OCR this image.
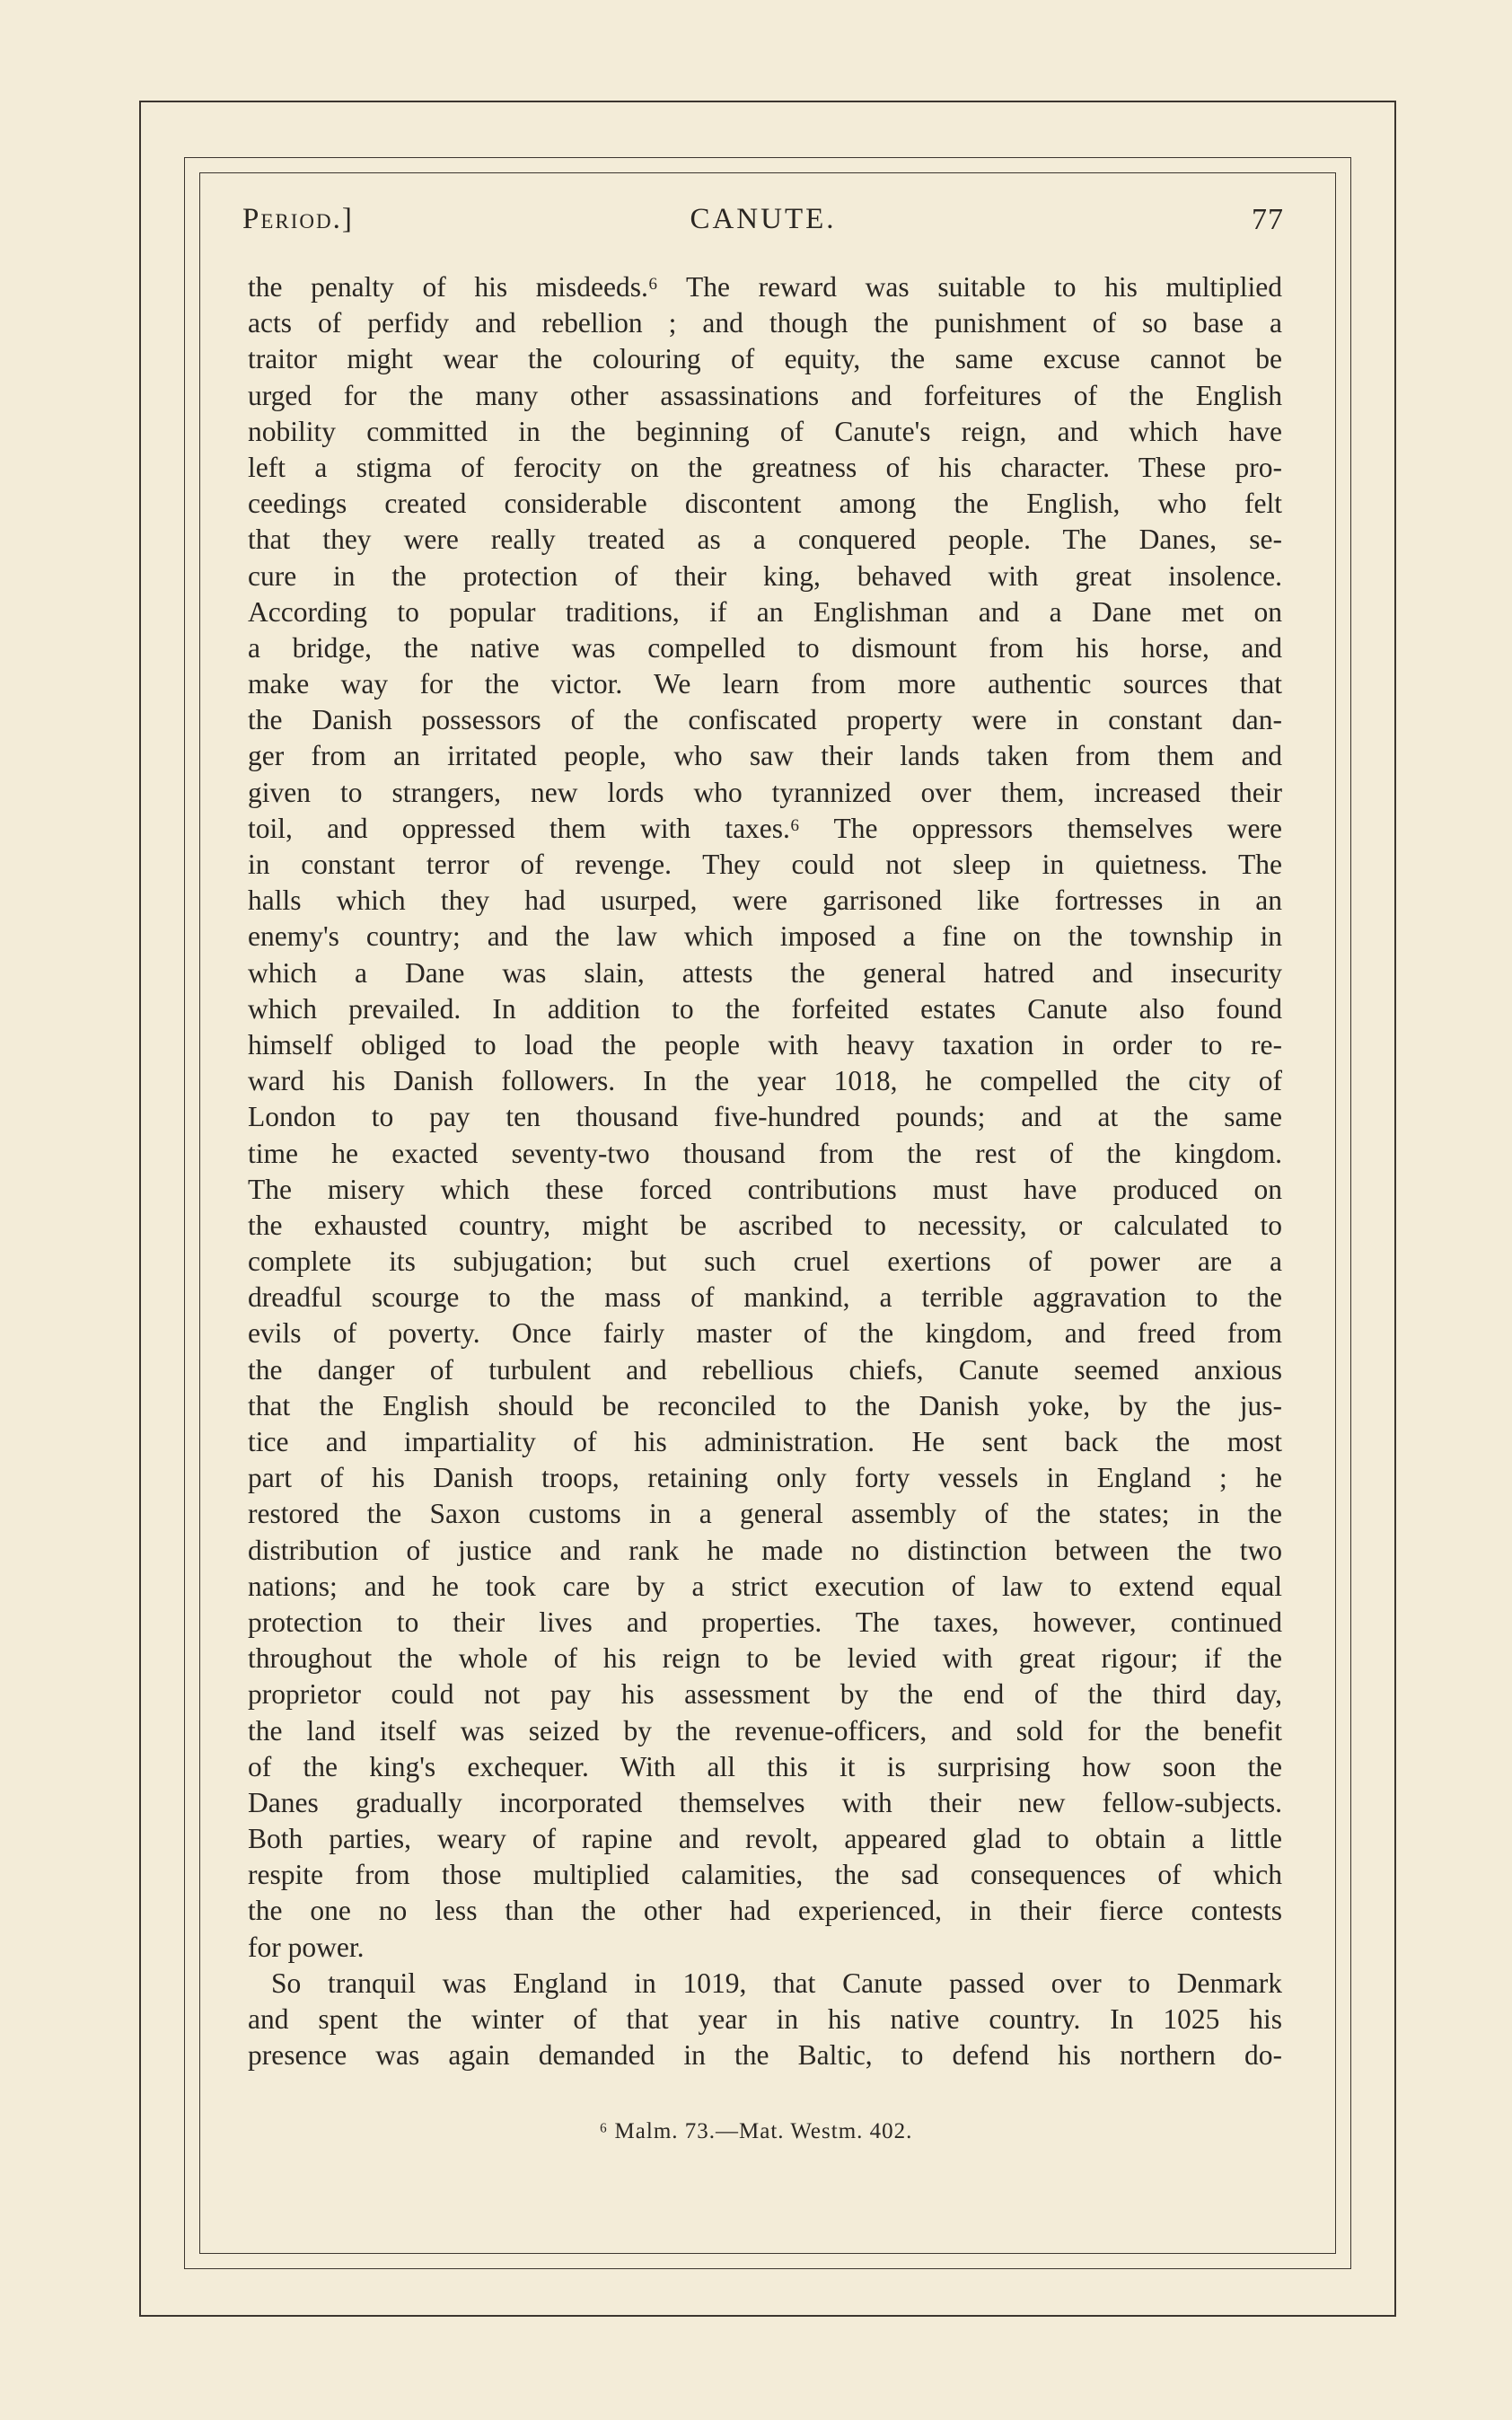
Period.]	CANUTE.	77
the penalty of his misdeeds.⁶ The reward was suitable to his multiplied
acts of perfidy and rebellion ; and though the punishment of so base a
traitor might wear the colouring of equity, the same excuse cannot be
urged for the many other assassinations and forfeitures of the English
nobility committed in the beginning of Canute's reign, and which have
left a stigma of ferocity on the greatness of his character. These pro-
ceedings created considerable discontent among the English, who felt
that they were really treated as a conquered people. The Danes, se-
cure in the protection of their king, behaved with great insolence.
According to popular traditions, if an Englishman and a Dane met on
a bridge, the native was compelled to dismount from his horse, and
make way for the victor. We learn from more authentic sources that
the Danish possessors of the confiscated property were in constant dan-
ger from an irritated people, who saw their lands taken from them and
given to strangers, new lords who tyrannized over them, increased their
toil, and oppressed them with taxes.⁶ The oppressors themselves were
in constant terror of revenge. They could not sleep in quietness. The
halls which they had usurped, were garrisoned like fortresses in an
enemy's country; and the law which imposed a fine on the township in
which a Dane was slain, attests the general hatred and insecurity
which prevailed. In addition to the forfeited estates Canute also found
himself obliged to load the people with heavy taxation in order to re-
ward his Danish followers. In the year 1018, he compelled the city of
London to pay ten thousand five-hundred pounds; and at the same
time he exacted seventy-two thousand from the rest of the kingdom.
The misery which these forced contributions must have produced on
the exhausted country, might be ascribed to necessity, or calculated to
complete its subjugation; but such cruel exertions of power are a
dreadful scourge to the mass of mankind, a terrible aggravation to the
evils of poverty. Once fairly master of the kingdom, and freed from
the danger of turbulent and rebellious chiefs, Canute seemed anxious
that the English should be reconciled to the Danish yoke, by the jus-
tice and impartiality of his administration. He sent back the most
part of his Danish troops, retaining only forty vessels in England ; he
restored the Saxon customs in a general assembly of the states; in the
distribution of justice and rank he made no distinction between the two
nations; and he took care by a strict execution of law to extend equal
protection to their lives and properties. The taxes, however, continued
throughout the whole of his reign to be levied with great rigour; if the
proprietor could not pay his assessment by the end of the third day,
the land itself was seized by the revenue-officers, and sold for the benefit
of the king's exchequer. With all this it is surprising how soon the
Danes gradually incorporated themselves with their new fellow-subjects.
Both parties, weary of rapine and revolt, appeared glad to obtain a little
respite from those multiplied calamities, the sad consequences of which
the one no less than the other had experienced, in their fierce contests
for power.
So tranquil was England in 1019, that Canute passed over to Denmark
and spent the winter of that year in his native country. In 1025 his
presence was again demanded in the Baltic, to defend his northern do-
⁶ Malm. 73.—Mat. Westm. 402.
